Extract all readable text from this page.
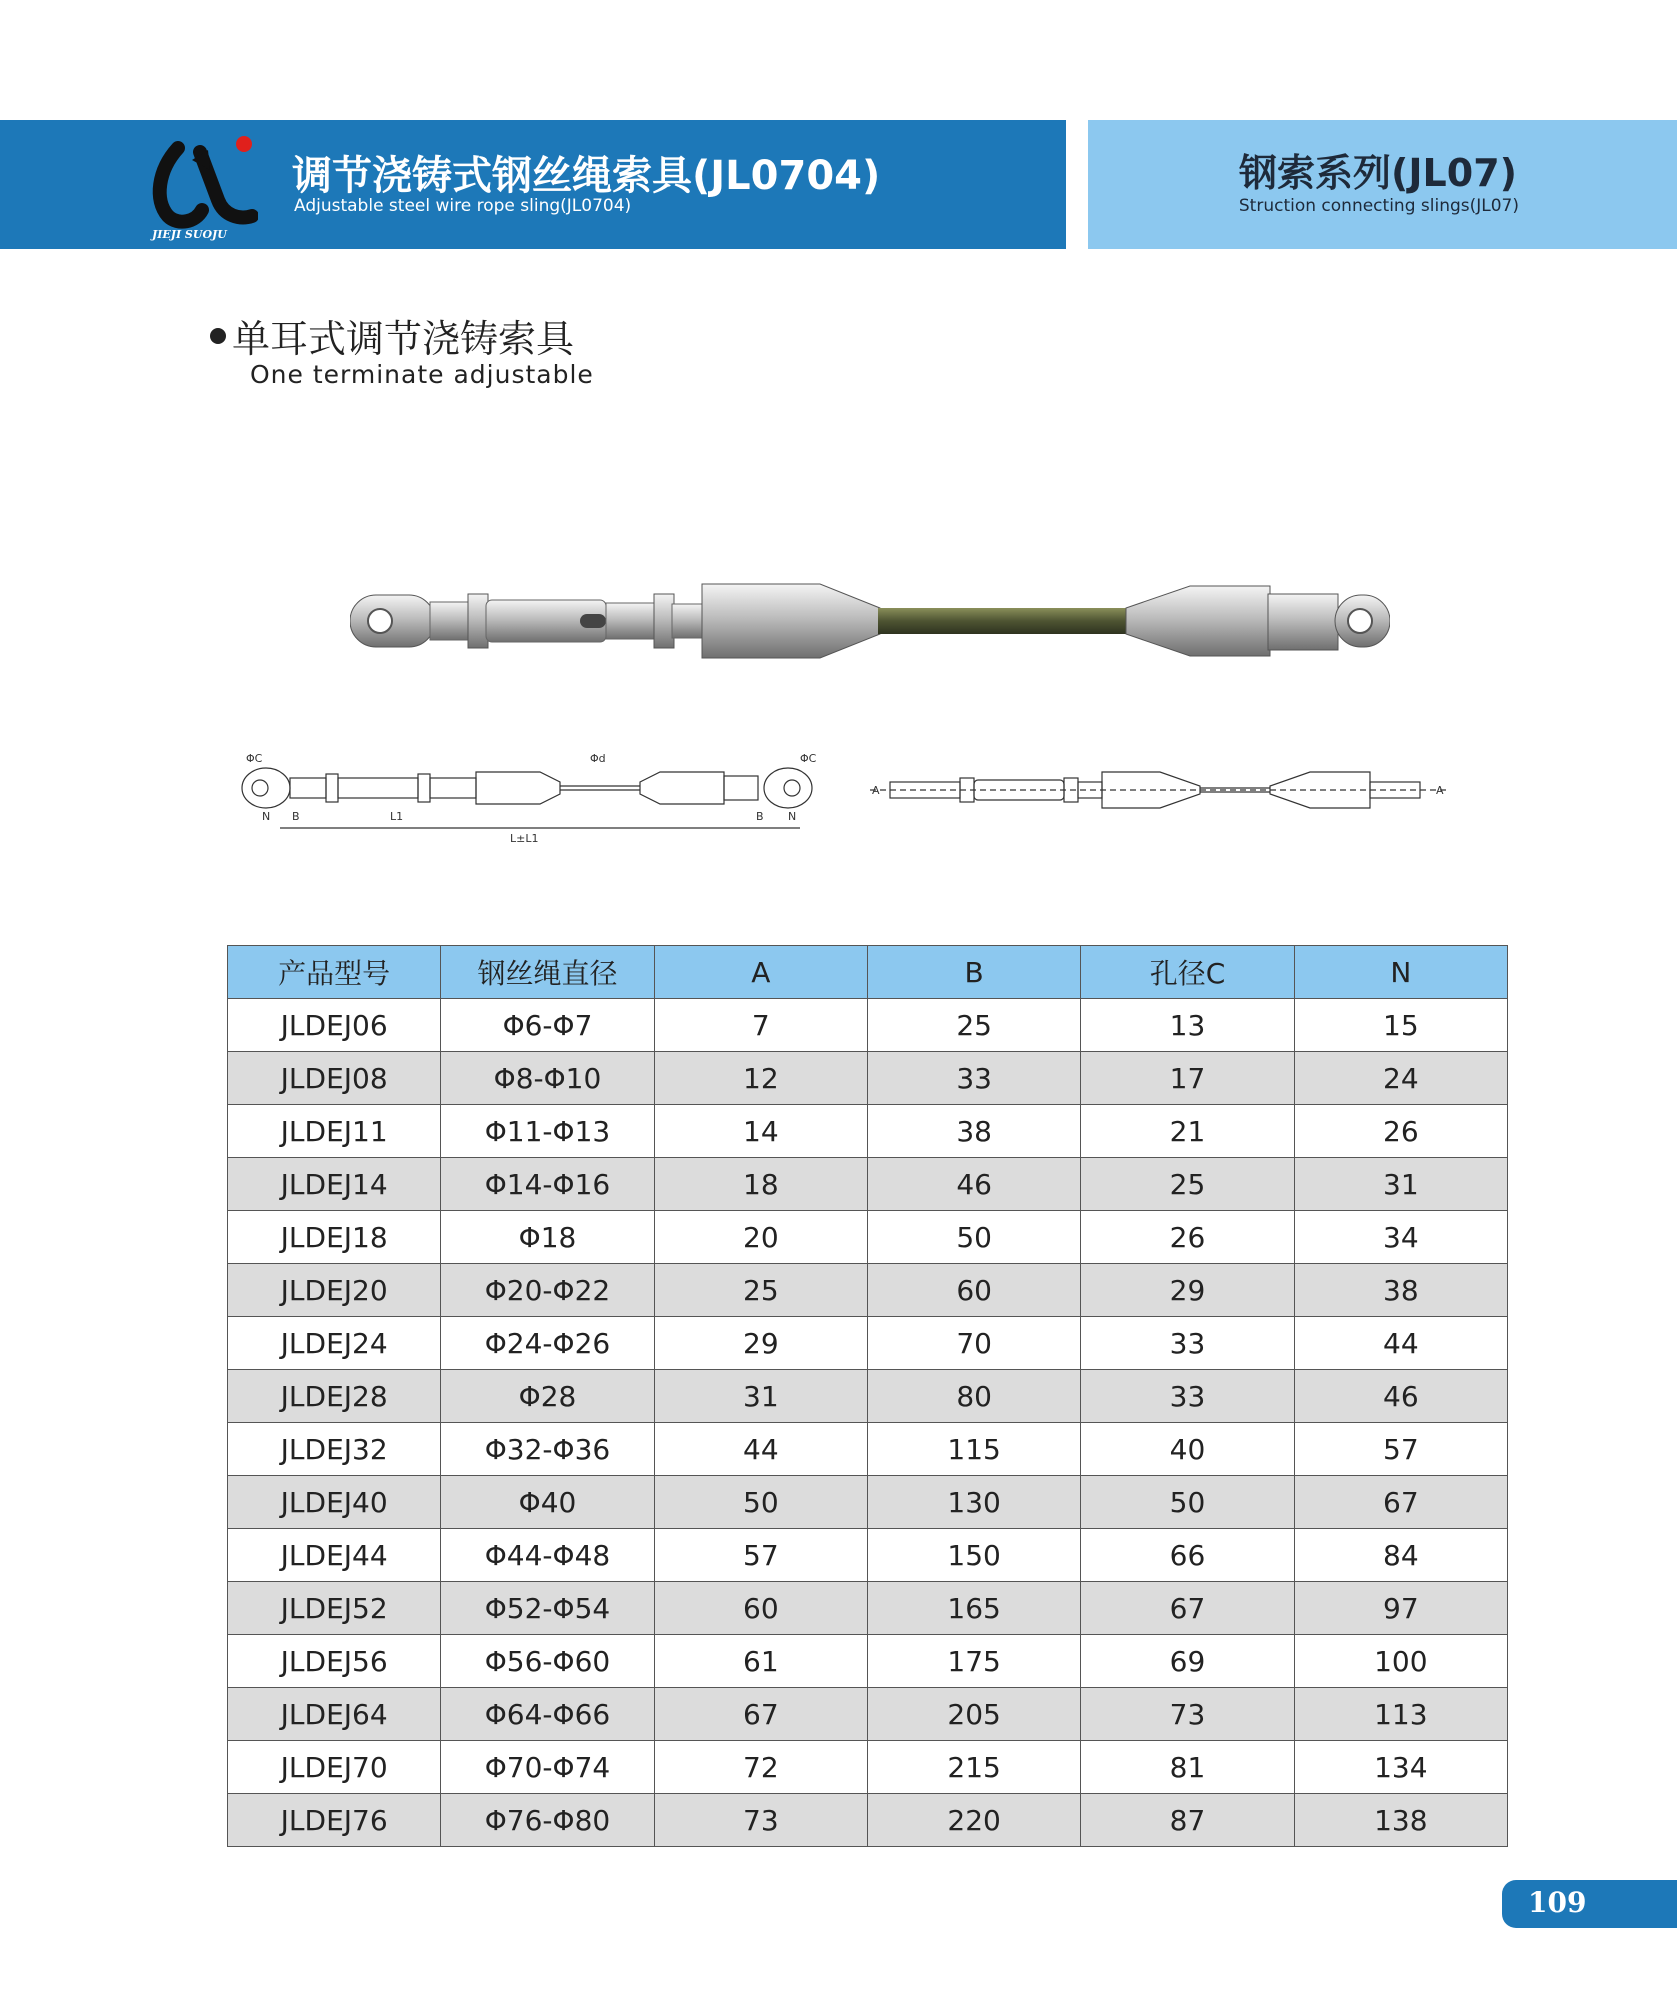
JIEJI SUOJU
调节浇铸式钢丝绳索具(JL0704)
Adjustable steel wire rope sling(JL0704)
钢索系列(JL07)
Struction connecting slings(JL07)
单耳式调节浇铸索具
One terminate adjustable
ΦC	Φd	ΦC
N B	L1
L±L1
B N
A	A
产品型号	钢丝绳直径	A	B	孔径C	N
JLDEJ06	Φ6-Φ7	7	25	13	15
JLDEJ08	Φ8-Φ10	12	33	17	24
JLDEJ11	Φ11-Φ13	14	38	21	26
JLDEJ14	Φ14-Φ16	18	46	25	31
JLDEJ18	Φ18	20	50	26	34
JLDEJ20	Φ20-Φ22	25	60	29	38
JLDEJ24	Φ24-Φ26	29	70	33	44
JLDEJ28	Φ28	31	80	33	46
JLDEJ32	Φ32-Φ36	44	115	40	57
JLDEJ40	Φ40	50	130	50	67
JLDEJ44	Φ44-Φ48	57	150	66	84
JLDEJ52	Φ52-Φ54	60	165	67	97
JLDEJ56	Φ56-Φ60	61	175	69	100
JLDEJ64	Φ64-Φ66	67	205	73	113
JLDEJ70	Φ70-Φ74	72	215	81	134
JLDEJ76	Φ76-Φ80	73	220	87	138
109
